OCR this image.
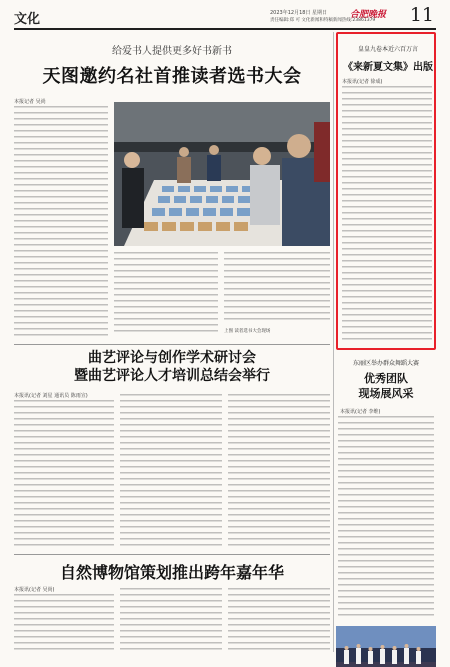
文化	2023年12月18日 星期日
责任编辑:郑 可 文化新闻和特稿新闻热线:23861379
合肥晚报 11
给爱书人提供更多好书新书
天图邀约名社首推读者选书大会
本报记者 吴尚
上图 读者选书大会现场
曲艺评论与创作学术研讨会
暨曲艺评论人才培训总结会举行
本报讯(记者 刘星 通讯员 陈雨宣)
自然博物馆策划推出跨年嘉年华
本报讯(记者 吴尚)
皇皇九卷本近六百万言
《来新夏文集》出版
本报讯(记者 徐成)
东丽区举办群众舞蹈大赛
优秀团队
现场展风采
本报讯(记者 李维)
